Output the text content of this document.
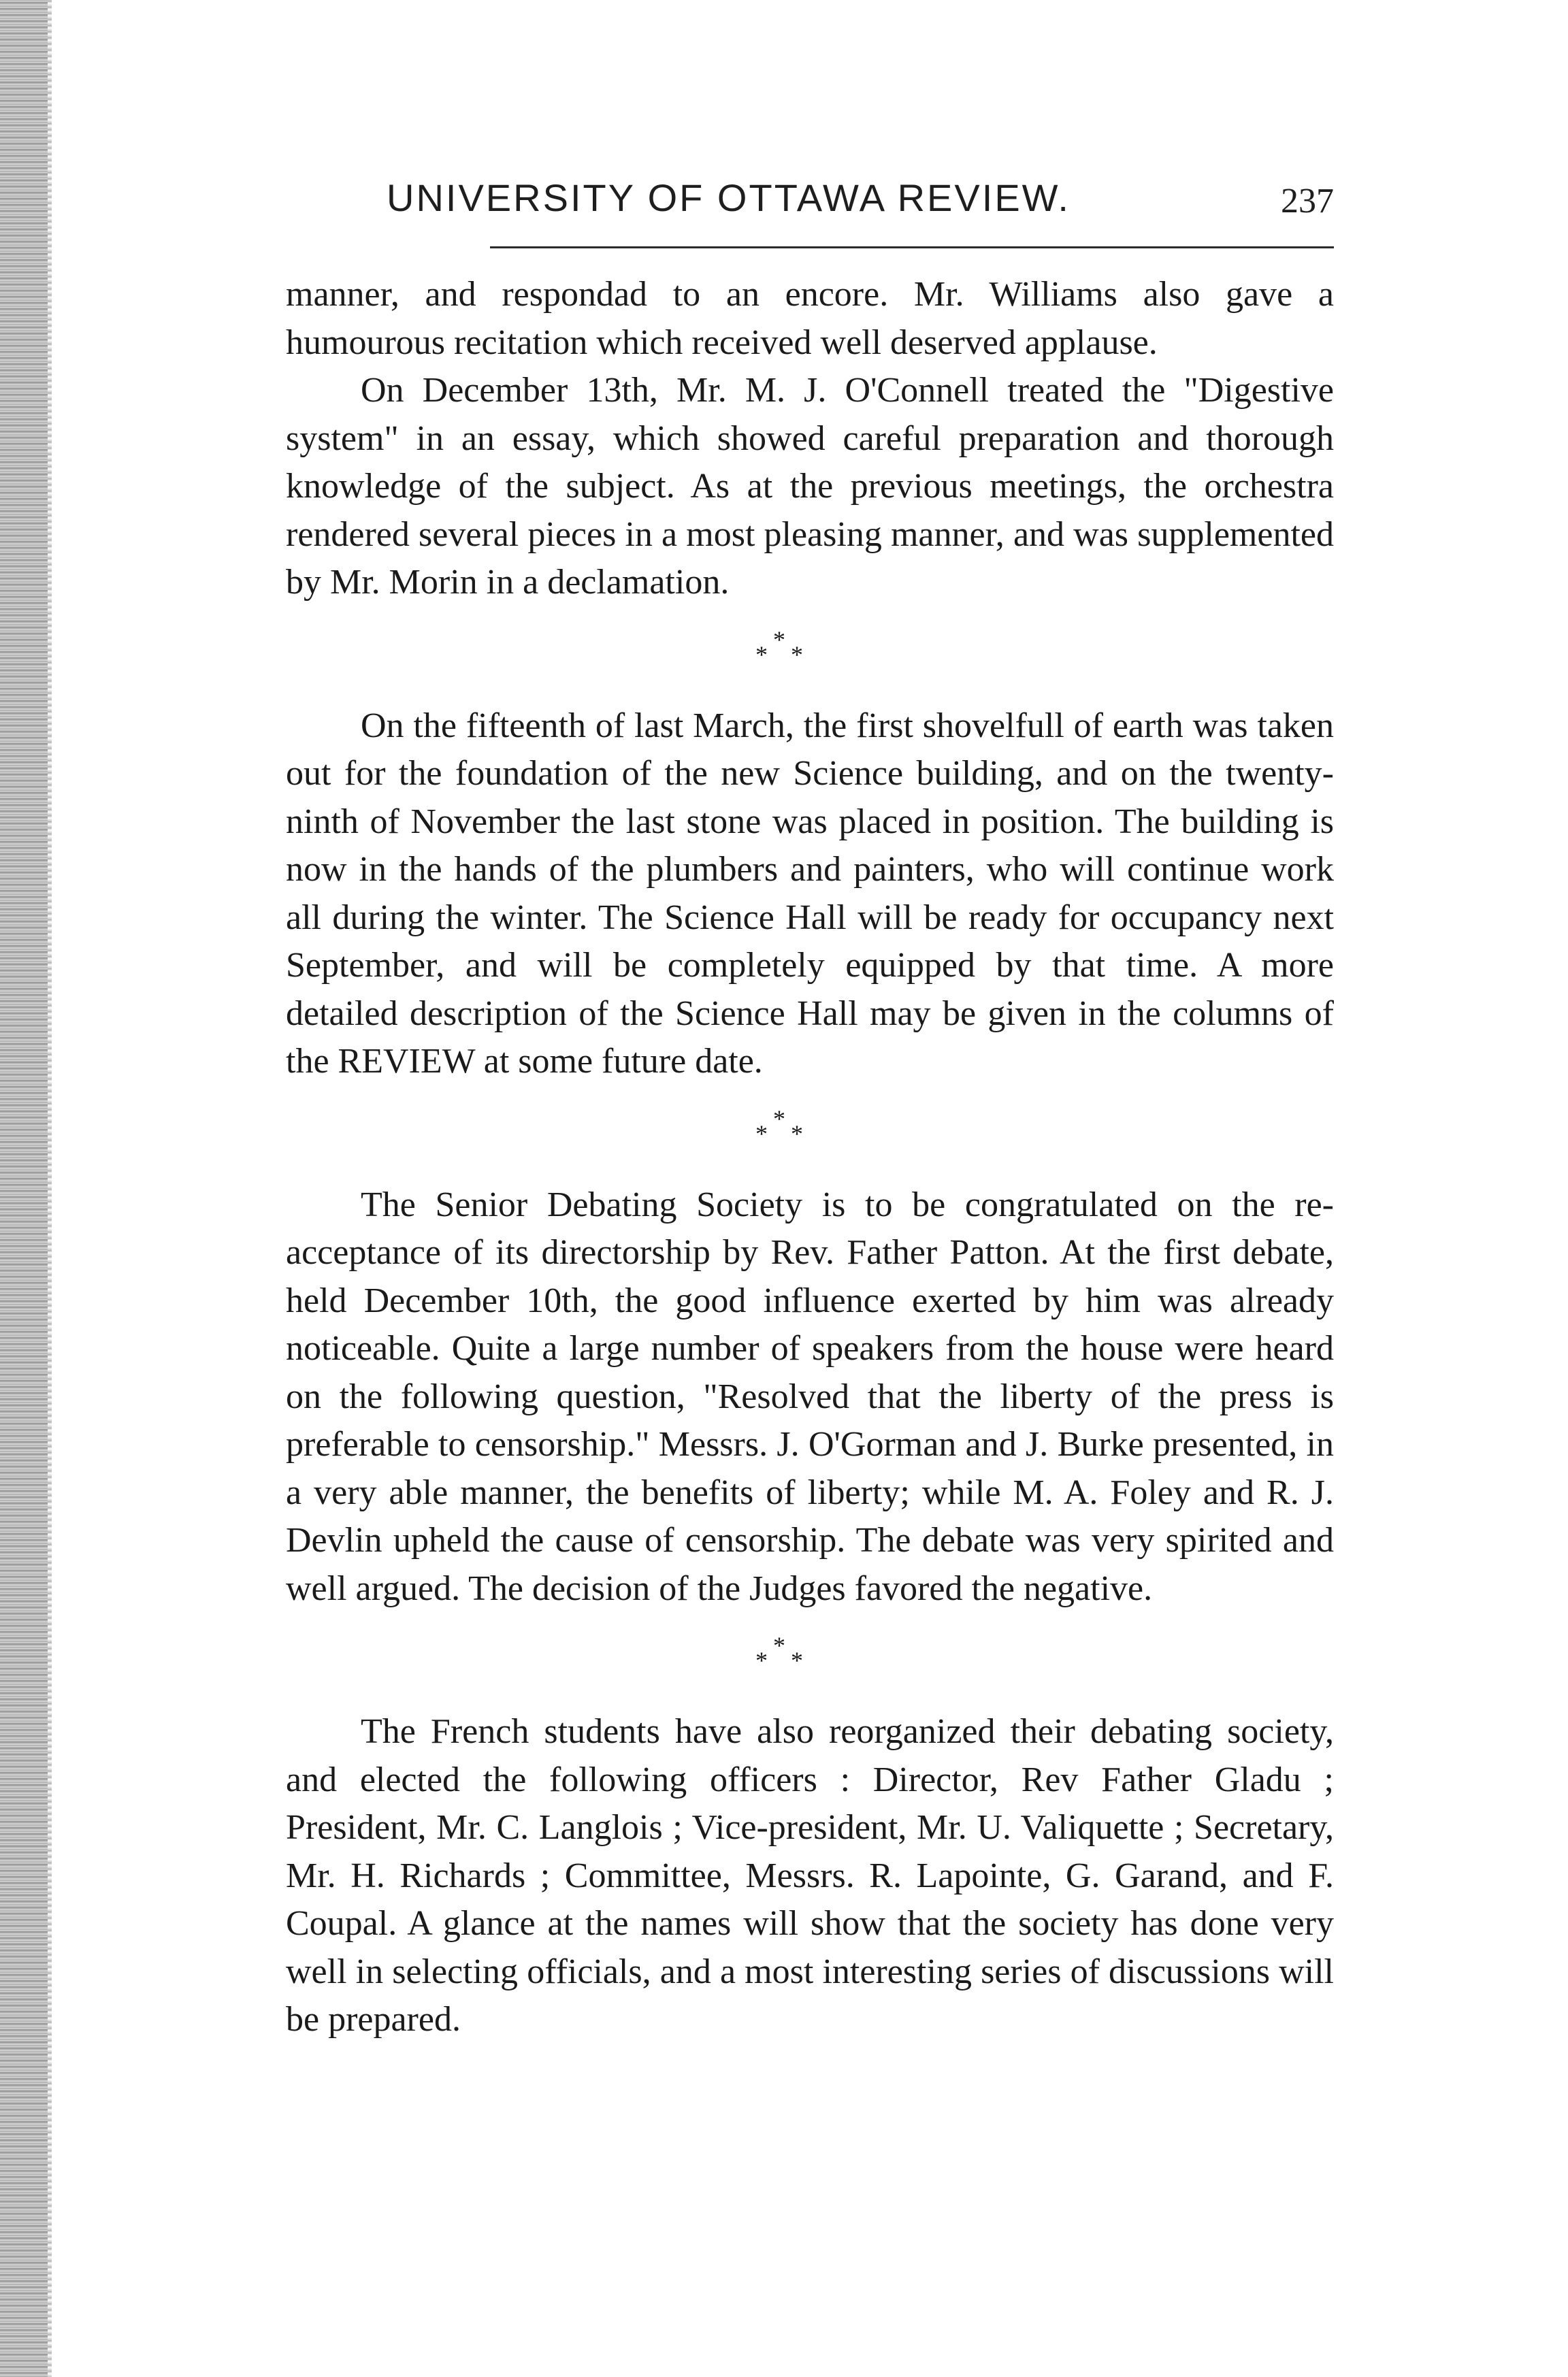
UNIVERSITY OF OTTAWA REVIEW.	237

manner, and respondad to an encore. Mr. Williams also gave a humourous recitation which received well deserved applause.

On December 13th, Mr. M. J. O'Connell treated the "Digestive system" in an essay, which showed careful preparation and thorough knowledge of the subject. As at the previous meetings, the orchestra rendered several pieces in a most pleasing manner, and was supplemented by Mr. Morin in a declamation.

*
* *

On the fifteenth of last March, the first shovelfull of earth was taken out for the foundation of the new Science building, and on the twenty-ninth of November the last stone was placed in position. The building is now in the hands of the plumbers and painters, who will continue work all during the winter. The Science Hall will be ready for occupancy next September, and will be completely equipped by that time. A more detailed description of the Science Hall may be given in the columns of the REVIEW at some future date.

*
* *

The Senior Debating Society is to be congratulated on the re-acceptance of its directorship by Rev. Father Patton. At the first debate, held December 10th, the good influence exerted by him was already noticeable. Quite a large number of speakers from the house were heard on the following question, "Resolved that the liberty of the press is preferable to censorship." Messrs. J. O'Gorman and J. Burke presented, in a very able manner, the benefits of liberty; while M. A. Foley and R. J. Devlin upheld the cause of censorship. The debate was very spirited and well argued. The decision of the Judges favored the negative.

*
* *

The French students have also reorganized their debating society, and elected the following officers : Director, Rev Father Gladu ; President, Mr. C. Langlois ; Vice-president, Mr. U. Valiquette ; Secretary, Mr. H. Richards ; Committee, Messrs. R. Lapointe, G. Garand, and F. Coupal. A glance at the names will show that the society has done very well in selecting officials, and a most interesting series of discussions will be prepared.
